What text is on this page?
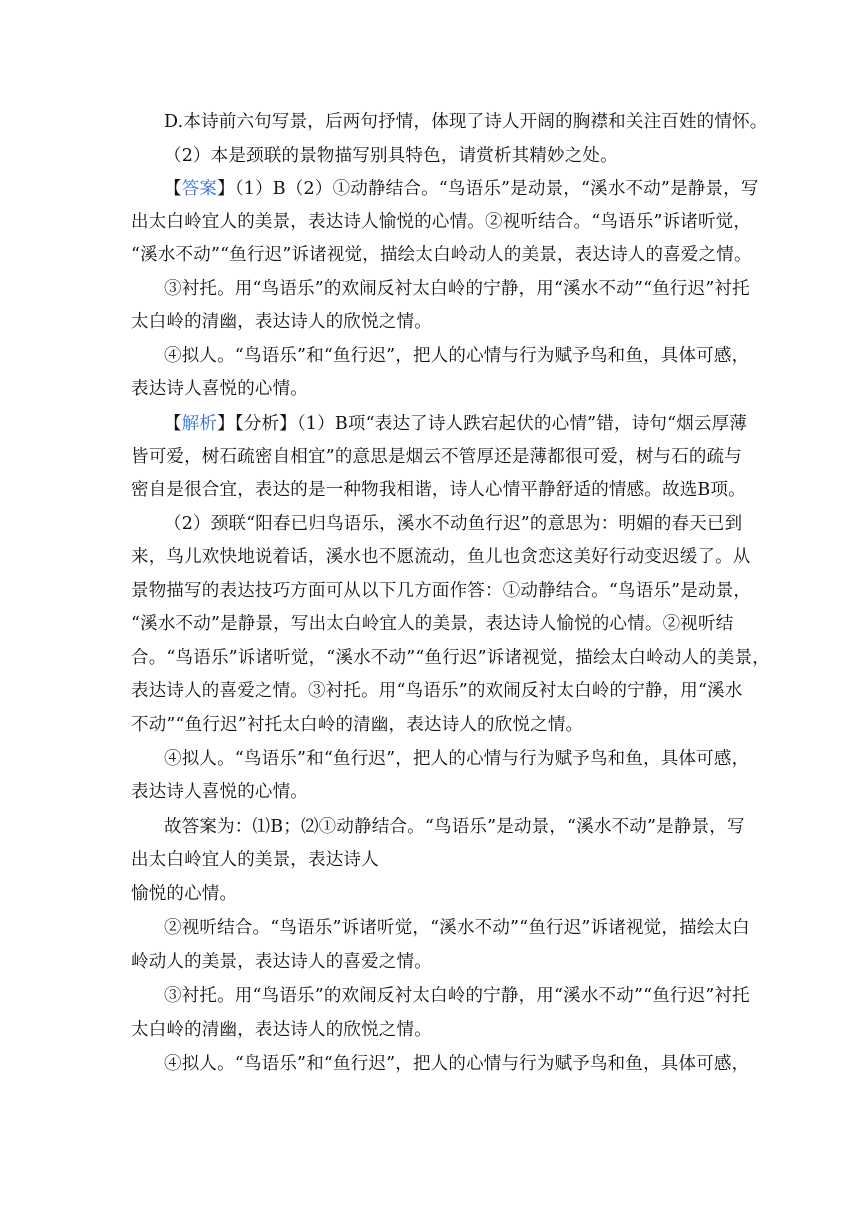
D.本诗前六句写景，后两句抒情，体现了诗人开阔的胸襟和关注百姓的情怀。
（2）本是颈联的景物描写别具特色，请赏析其精妙之处。
【答案】（1）B（2）①动静结合。“鸟语乐”是动景，“溪水不动”是静景，写
出太白岭宜人的美景，表达诗人愉悦的心情。②视听结合。“鸟语乐”诉诸听觉，
“溪水不动”“鱼行迟”诉诸视觉，描绘太白岭动人的美景，表达诗人的喜爱之情。
③衬托。用“鸟语乐”的欢闹反衬太白岭的宁静，用“溪水不动”“鱼行迟”衬托
太白岭的清幽，表达诗人的欣悦之情。
④拟人。“鸟语乐”和“鱼行迟”，把人的心情与行为赋予鸟和鱼，具体可感，
表达诗人喜悦的心情。
【解析】【分析】（1）B项“表达了诗人跌宕起伏的心情”错，诗句“烟云厚薄
皆可爱，树石疏密自相宜”的意思是烟云不管厚还是薄都很可爱，树与石的疏与
密自是很合宜，表达的是一种物我相谐，诗人心情平静舒适的情感。故选B项。
（2）颈联“阳春已归鸟语乐，溪水不动鱼行迟”的意思为：明媚的春天已到
来，鸟儿欢快地说着话，溪水也不愿流动，鱼儿也贪恋这美好行动变迟缓了。从
景物描写的表达技巧方面可从以下几方面作答：①动静结合。“鸟语乐”是动景，
“溪水不动”是静景，写出太白岭宜人的美景，表达诗人愉悦的心情。②视听结
合。“鸟语乐”诉诸听觉，“溪水不动”“鱼行迟”诉诸视觉，描绘太白岭动人的美景，
表达诗人的喜爱之情。③衬托。用“鸟语乐”的欢闹反衬太白岭的宁静，用“溪水
不动”“鱼行迟”衬托太白岭的清幽，表达诗人的欣悦之情。
④拟人。“鸟语乐”和“鱼行迟”，把人的心情与行为赋予鸟和鱼，具体可感，
表达诗人喜悦的心情。
故答案为：⑴B；⑵①动静结合。“鸟语乐”是动景，“溪水不动”是静景，写
出太白岭宜人的美景，表达诗人
愉悦的心情。
②视听结合。“鸟语乐”诉诸听觉，“溪水不动”“鱼行迟”诉诸视觉，描绘太白
岭动人的美景，表达诗人的喜爱之情。
③衬托。用“鸟语乐”的欢闹反衬太白岭的宁静，用“溪水不动”“鱼行迟”衬托
太白岭的清幽，表达诗人的欣悦之情。
④拟人。“鸟语乐”和“鱼行迟”，把人的心情与行为赋予鸟和鱼，具体可感，
